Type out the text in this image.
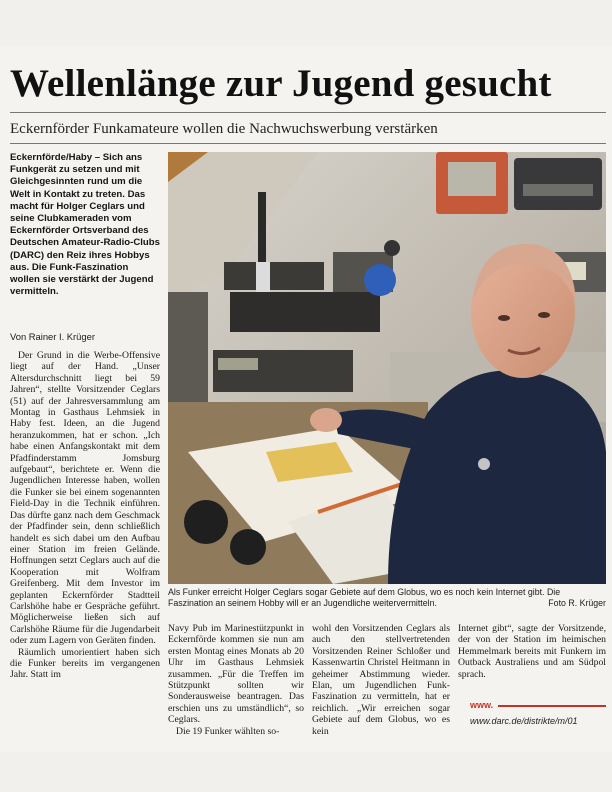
Wellenlänge zur Jugend gesucht
Eckernförder Funkamateure wollen die Nachwuchswerbung verstärken
Eckernförde/Haby – Sich ans Funkgerät zu setzen und mit Gleichgesinnten rund um die Welt in Kontakt zu treten. Das macht für Holger Ceglars und seine Clubkameraden vom Eckernförder Ortsverband des Deutschen Amateur-Radio-Clubs (DARC) den Reiz ihres Hobbys aus. Die Funk-Faszination wollen sie verstärkt der Jugend vermitteln.
Von Rainer I. Krüger

Der Grund in die Werbe-Offensive liegt auf der Hand. „Unser Altersdurchschnitt liegt bei 59 Jahren“, stellte Vorsitzender Ceglars (51) auf der Jahresversammlung am Montag in Gasthaus Lehmsiek in Haby fest. Ideen, an die Jugend heranzukommen, hat er schon. „Ich habe einen Anfangskontakt mit dem Pfadfinderstamm Jomsburg aufgebaut“, berichtete er. Wenn die Jugendlichen Interesse haben, wollen die Funker sie bei einem sogenannten Field-Day in die Technik einführen. Das dürfte ganz nach dem Geschmack der Pfadfinder sein, denn schließlich handelt es sich dabei um den Aufbau einer Station im freien Gelände. Hoffnungen setzt Ceglars auch auf die Kooperation mit Wolfram Greifenberg. Mit dem Investor im geplanten Eckernförder Stadtteil Carlshöhe habe er Gespräche geführt. Möglicherweise ließen sich auf Carlshöhe Räume für die Jugendarbeit oder zum Lagern von Geräten finden.

Räumlich umorientiert haben sich die Funker bereits im vergangenen Jahr. Statt im

Als Funker erreicht Holger Ceglars sogar Gebiete auf dem Globus, wo es noch kein Internet gibt. Die Faszination an seinem Hobby will er an Jugendliche weitervermitteln.	Foto R. Krüger

Navy Pub im Marinestützpunkt in Eckernförde kommen sie nun am ersten Montag eines Monats ab 20 Uhr im Gasthaus Lehmsiek zusammen. „Für die Treffen im Stützpunkt sollten wir Sonderausweise beantragen. Das erschien uns zu umständlich“, so Ceglars.

Die 19 Funker wählten so-

wohl den Vorsitzenden Ceglars als auch den stellvertretenden Vorsitzenden Reiner Schloßer und Kassenwartin Christel Heitmann in geheimer Abstimmung wieder. Elan, um Jugendlichen Funk-Faszination zu vermitteln, hat er reichlich. „Wir erreichen sogar Gebiete auf dem Globus, wo es kein

Internet gibt“, sagte der Vorsitzende, der von der Station im heimischen Hemmelmark bereits mit Funkern im Outback Australiens und am Südpol sprach.

www.
www.darc.de/distrikte/m/01
